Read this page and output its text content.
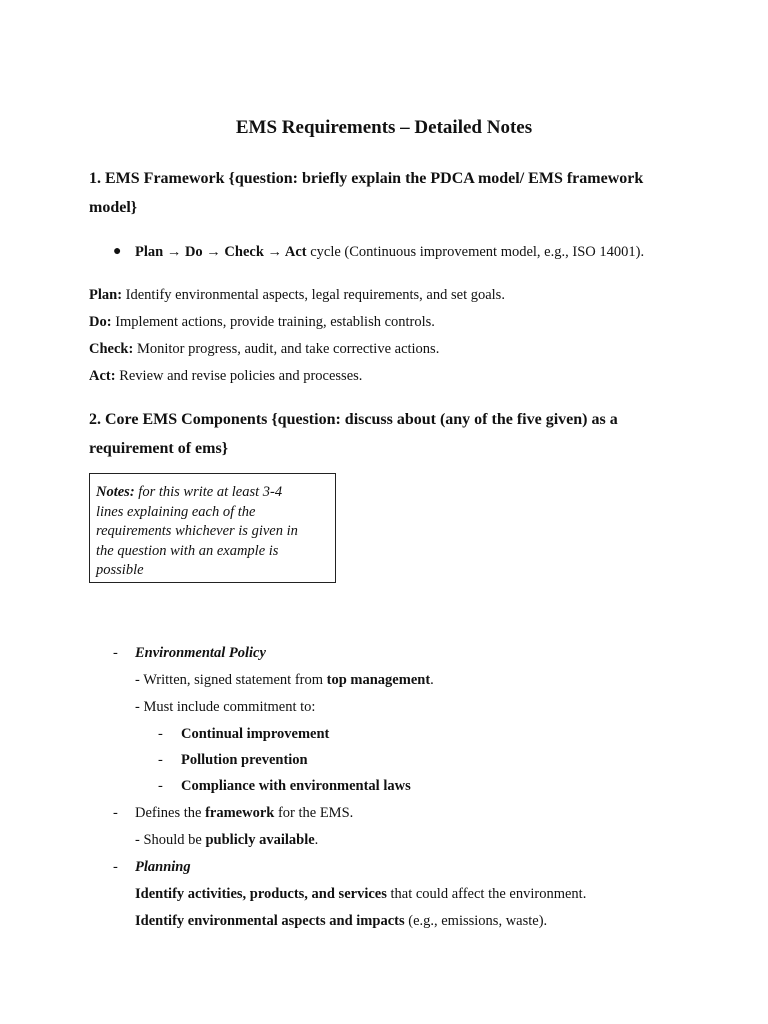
EMS Requirements – Detailed Notes
1. EMS Framework {question: briefly explain the PDCA model/ EMS framework
model}
● Plan → Do → Check → Act cycle (Continuous improvement model, e.g., ISO 14001).
Plan: Identify environmental aspects, legal requirements, and set goals.
Do: Implement actions, provide training, establish controls.
Check: Monitor progress, audit, and take corrective actions.
Act: Review and revise policies and processes.
2. Core EMS Components {question: discuss about (any of the five given) as a
requirement of ems}
Notes: for this write at least 3-4
lines explaining each of the
requirements whichever is given in
the question with an example is
possible
- Environmental Policy
- Written, signed statement from top management.
- Must include commitment to:
- Continual improvement
- Pollution prevention
- Compliance with environmental laws
- Defines the framework for the EMS.
- Should be publicly available.
- Planning
Identify activities, products, and services that could affect the environment.
Identify environmental aspects and impacts (e.g., emissions, waste).
